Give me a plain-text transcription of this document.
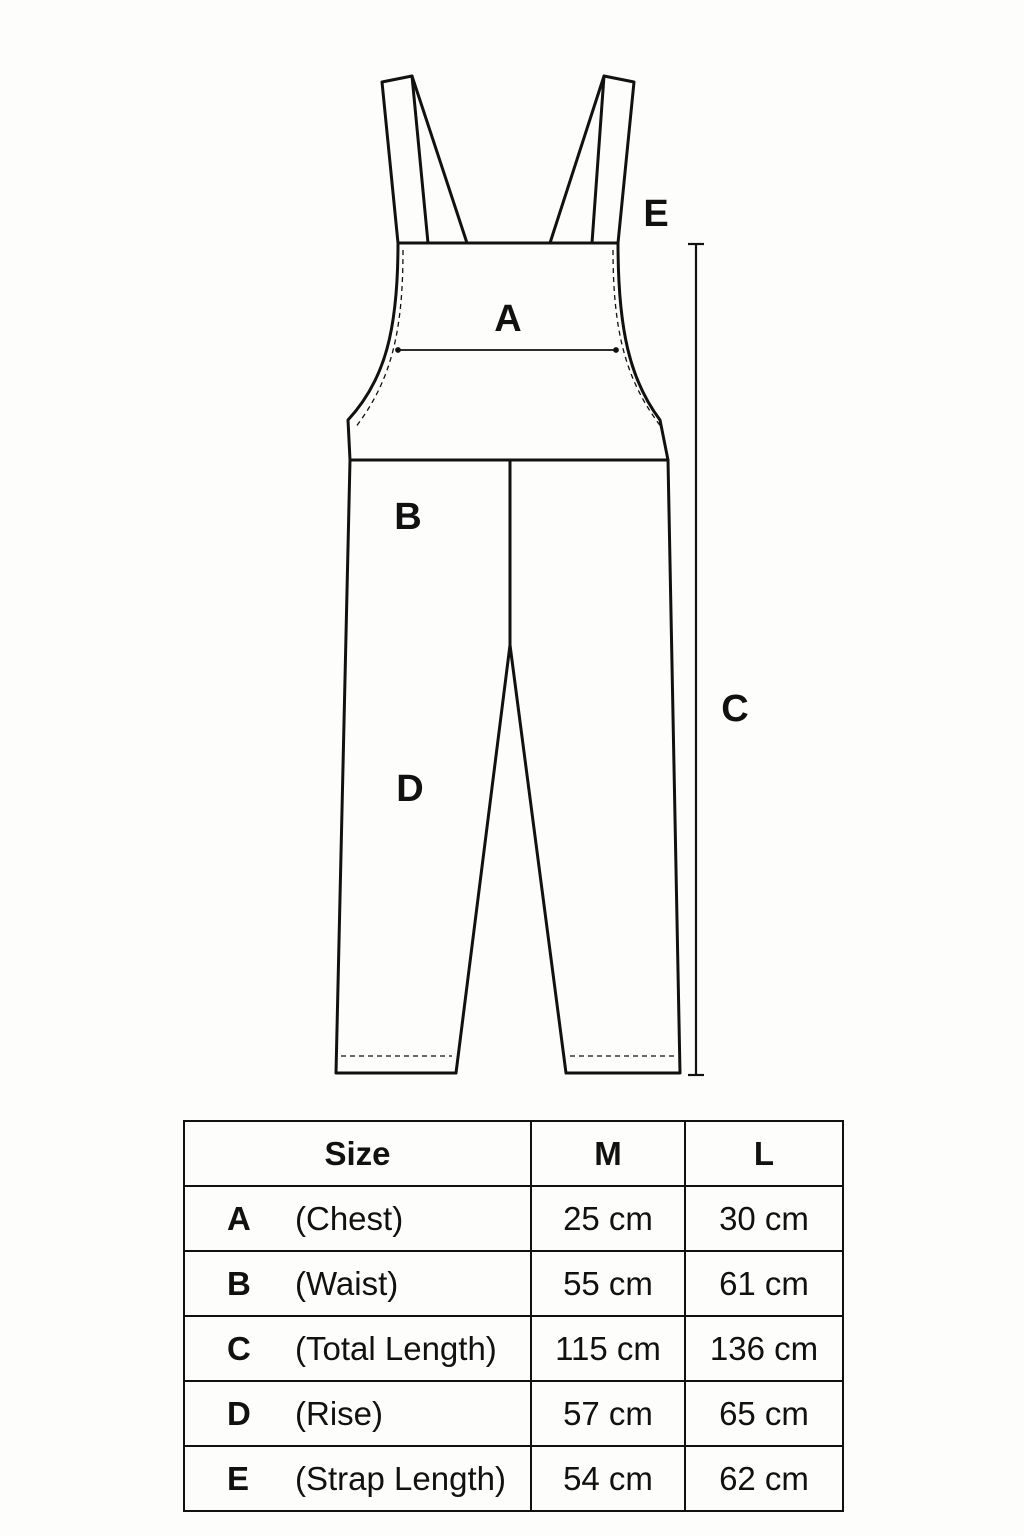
A
B
C
D
E
Size	M	L
A (Chest)	25 cm	30 cm
B (Waist)	55 cm	61 cm
C (Total Length)	115 cm	136 cm
D (Rise)	57 cm	65 cm
E (Strap Length)	54 cm	62 cm
